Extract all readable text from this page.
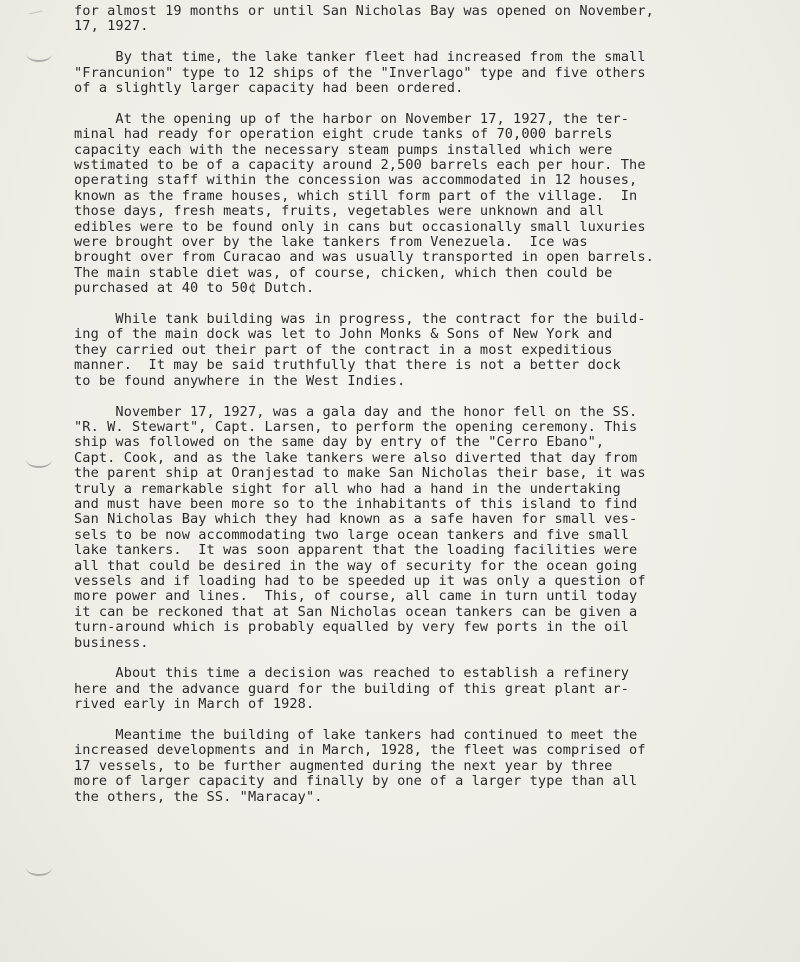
for almost 19 months or until San Nicholas Bay was opened on November,
17, 1927.
By that time, the lake tanker fleet had increased from the small
"Francunion" type to 12 ships of the "Inverlago" type and five others
of a slightly larger capacity had been ordered.
At the opening up of the harbor on November 17, 1927, the ter-
minal had ready for operation eight crude tanks of 70,000 barrels
capacity each with the necessary steam pumps installed which were
wstimated to be of a capacity around 2,500 barrels each per hour. The
operating staff within the concession was accommodated in 12 houses,
known as the frame houses, which still form part of the village.  In
those days, fresh meats, fruits, vegetables were unknown and all
edibles were to be found only in cans but occasionally small luxuries
were brought over by the lake tankers from Venezuela.  Ice was
brought over from Curacao and was usually transported in open barrels.
The main stable diet was, of course, chicken, which then could be
purchased at 40 to 50¢ Dutch.
While tank building was in progress, the contract for the build-
ing of the main dock was let to John Monks & Sons of New York and
they carried out their part of the contract in a most expeditious
manner.  It may be said truthfully that there is not a better dock
to be found anywhere in the West Indies.
November 17, 1927, was a gala day and the honor fell on the SS.
"R. W. Stewart", Capt. Larsen, to perform the opening ceremony. This
ship was followed on the same day by entry of the "Cerro Ebano",
Capt. Cook, and as the lake tankers were also diverted that day from
the parent ship at Oranjestad to make San Nicholas their base, it was
truly a remarkable sight for all who had a hand in the undertaking
and must have been more so to the inhabitants of this island to find
San Nicholas Bay which they had known as a safe haven for small ves-
sels to be now accommodating two large ocean tankers and five small
lake tankers.  It was soon apparent that the loading facilities were
all that could be desired in the way of security for the ocean going
vessels and if loading had to be speeded up it was only a question of
more power and lines.  This, of course, all came in turn until today
it can be reckoned that at San Nicholas ocean tankers can be given a
turn-around which is probably equalled by very few ports in the oil
business.
About this time a decision was reached to establish a refinery
here and the advance guard for the building of this great plant ar-
rived early in March of 1928.
Meantime the building of lake tankers had continued to meet the
increased developments and in March, 1928, the fleet was comprised of
17 vessels, to be further augmented during the next year by three
more of larger capacity and finally by one of a larger type than all
the others, the SS. "Maracay".
